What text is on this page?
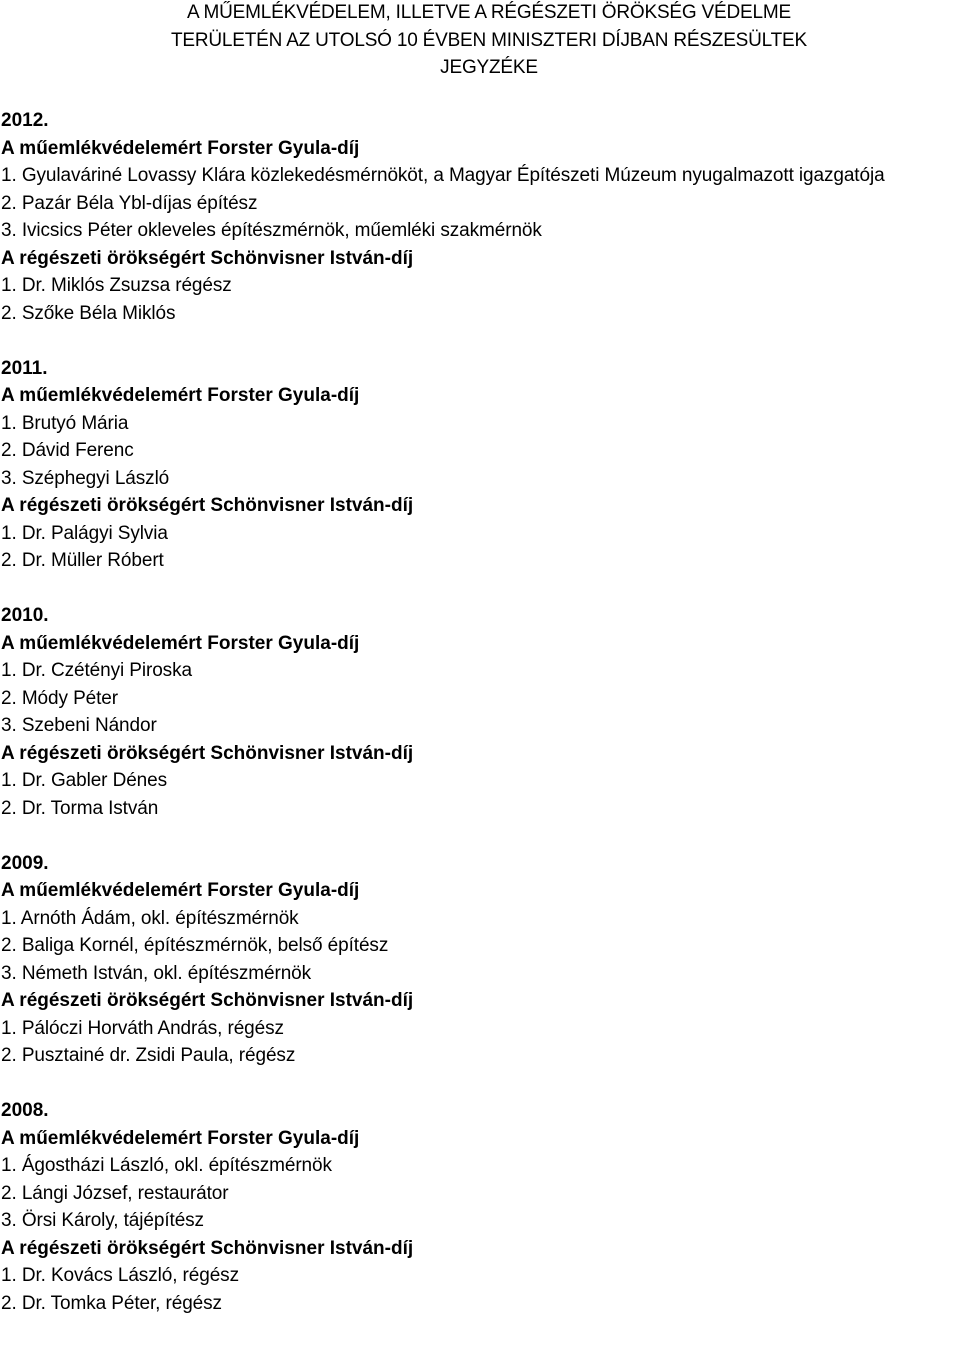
A MŰEMLÉKVÉDELEM, ILLETVE A RÉGÉSZETI ÖRÖKSÉG VÉDELME
TERÜLETÉN AZ UTOLSÓ 10 ÉVBEN MINISZTERI DÍJBAN RÉSZESÜLTEK
JEGYZÉKE
2012.
A műemlékvédelemért Forster Gyula-díj
1. Gyulaváriné Lovassy Klára közlekedésmérnököt, a Magyar Építészeti Múzeum nyugalmazott igazgatója
2. Pazár Béla Ybl-díjas építész
3. Ivicsics Péter okleveles építészmérnök, műemléki szakmérnök
A régészeti örökségért Schönvisner István-díj
1. Dr. Miklós Zsuzsa régész
2. Szőke Béla Miklós
2011.
A műemlékvédelemért Forster Gyula-díj
1. Brutyó Mária
2. Dávid Ferenc
3. Széphegyi László
A régészeti örökségért Schönvisner István-díj
1. Dr. Palágyi Sylvia
2. Dr. Müller Róbert
2010.
A műemlékvédelemért Forster Gyula-díj
1. Dr. Czétényi Piroska
2. Módy Péter
3. Szebeni Nándor
A régészeti örökségért Schönvisner István-díj
1. Dr. Gabler Dénes
2. Dr. Torma István
2009.
A műemlékvédelemért Forster Gyula-díj
1. Arnóth Ádám, okl. építészmérnök
2. Baliga Kornél, építészmérnök, belső építész
3. Németh István, okl. építészmérnök
A régészeti örökségért Schönvisner István-díj
1. Pálóczi Horváth András, régész
2. Pusztainé dr. Zsidi Paula, régész
2008.
A műemlékvédelemért Forster Gyula-díj
1. Ágostházi László, okl. építészmérnök
2. Lángi József, restaurátor
3. Örsi Károly, tájépítész
A régészeti örökségért Schönvisner István-díj
1. Dr. Kovács László, régész
2. Dr. Tomka Péter, régész
